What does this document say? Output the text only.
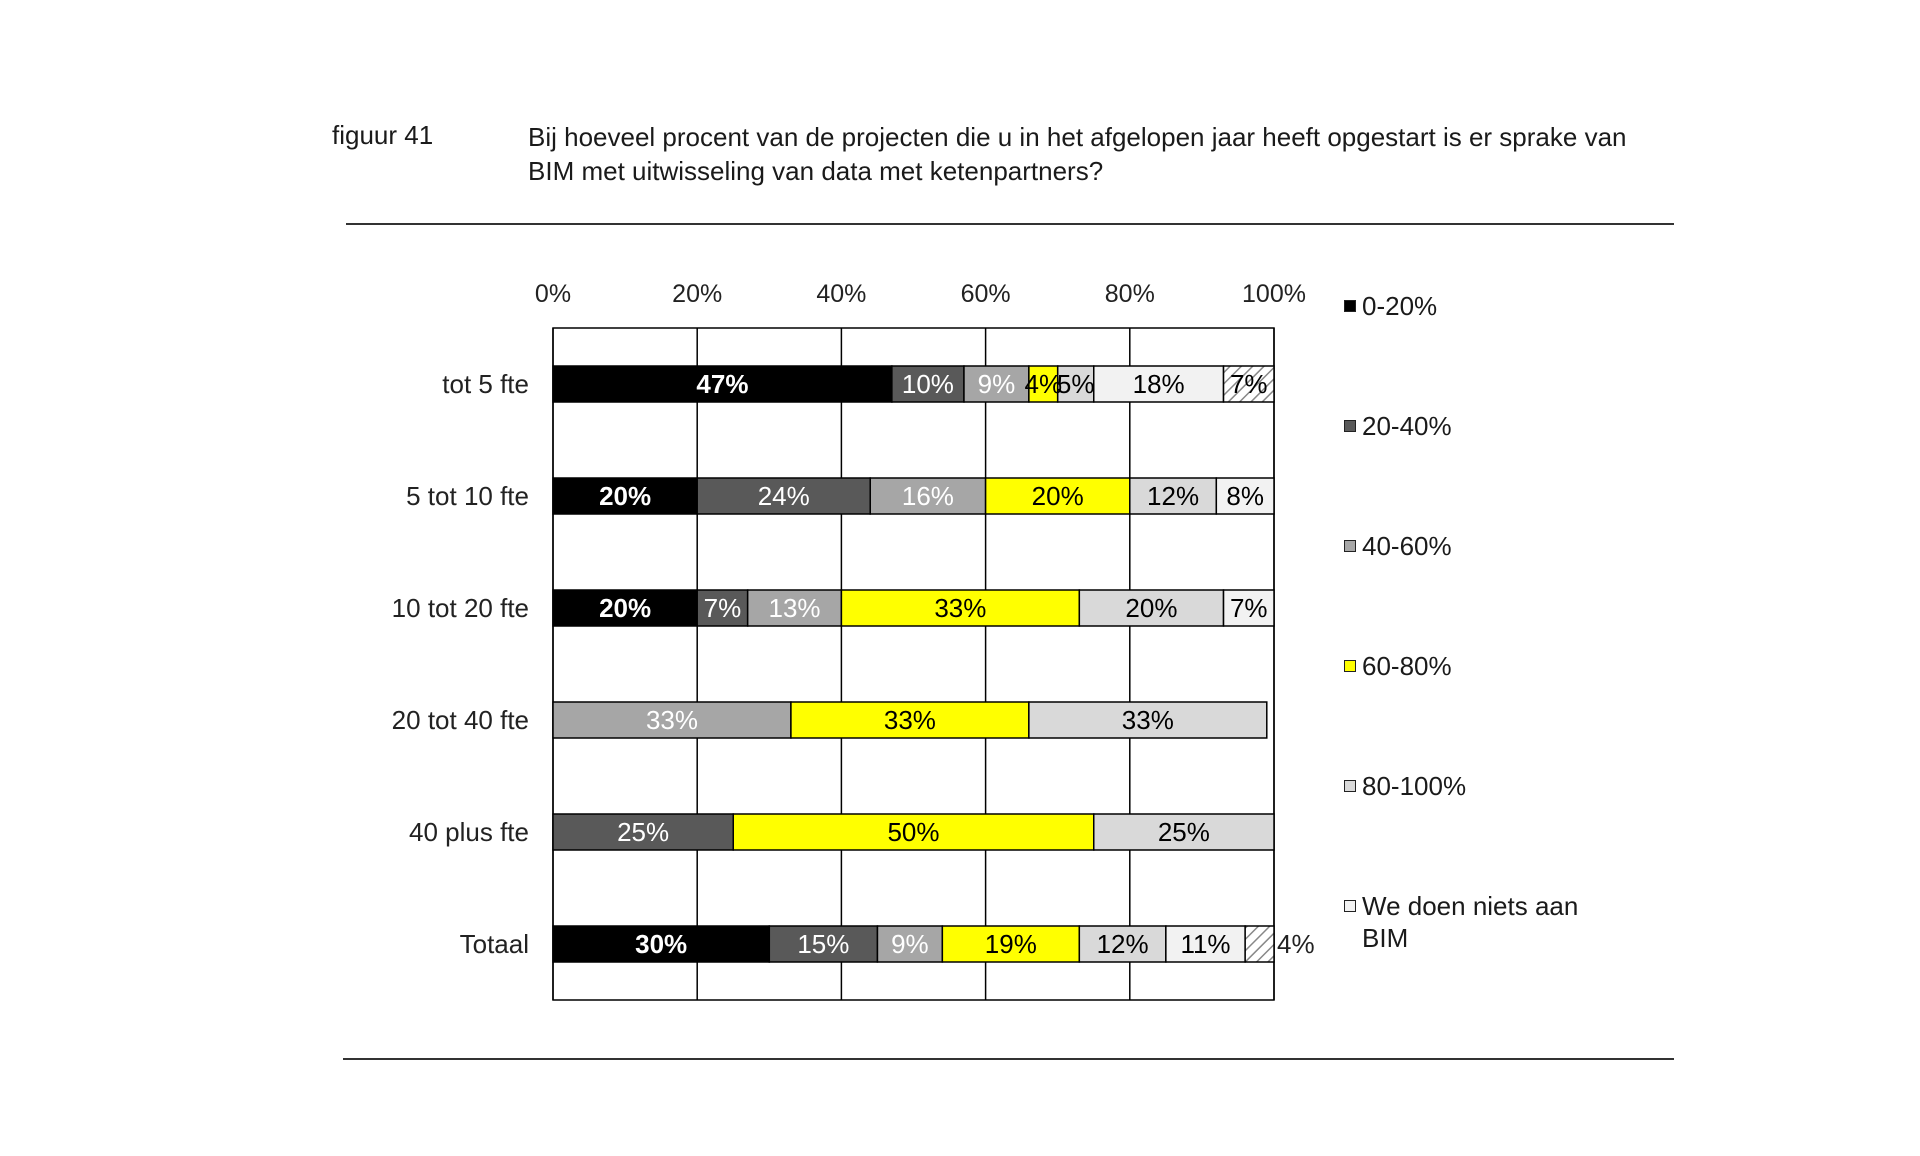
figuur 41	Bij hoeveel procent van de projecten die u in het afgelopen jaar heeft opgestart is er sprake van BIM met uitwisseling van data met ketenpartners?
0%	20%	40%	60%	80%	100%
tot 5 fte	47%	10% 9% 4%
5% 18% 7%
5 tot 10 fte	20%	24%	16%	20% 12% 8%
10 tot 20 fte	20% 7% 13%	33%	20% 7%
20 tot 40 fte	33%	33%	33%
40 plus fte	25%	50%	25%
Totaal	30%	15% 9% 19% 12% 11% 4%
0-20%
20-40%
40-60%
60-80%
80-100%
We doen niets aan BIM
